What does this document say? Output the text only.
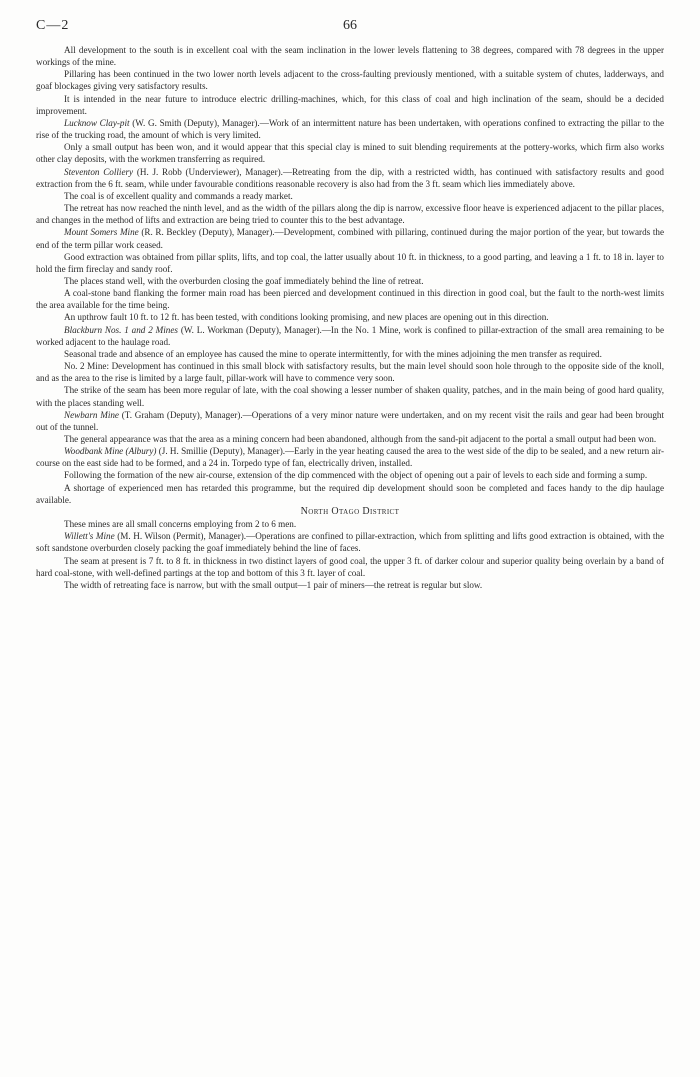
C—2	66

All development to the south is in excellent coal with the seam inclination in the lower levels flattening to 38 degrees, compared with 78 degrees in the upper workings of the mine.

Pillaring has been continued in the two lower north levels adjacent to the cross-faulting previously mentioned, with a suitable system of chutes, ladderways, and goaf blockages giving very satisfactory results.

It is intended in the near future to introduce electric drilling-machines, which, for this class of coal and high inclination of the seam, should be a decided improvement.

Lucknow Clay-pit (W. G. Smith (Deputy), Manager).—Work of an intermittent nature has been undertaken, with operations confined to extracting the pillar to the rise of the trucking road, the amount of which is very limited.

Only a small output has been won, and it would appear that this special clay is mined to suit blending requirements at the pottery-works, which firm also works other clay deposits, with the workmen transferring as required.

Steventon Colliery (H. J. Robb (Underviewer), Manager).—Retreating from the dip, with a restricted width, has continued with satisfactory results and good extraction from the 6 ft. seam, while under favourable conditions reasonable recovery is also had from the 3 ft. seam which lies immediately above.

The coal is of excellent quality and commands a ready market.

The retreat has now reached the ninth level, and as the width of the pillars along the dip is narrow, excessive floor heave is experienced adjacent to the pillar places, and changes in the method of lifts and extraction are being tried to counter this to the best advantage.

Mount Somers Mine (R. R. Beckley (Deputy), Manager).—Development, combined with pillaring, continued during the major portion of the year, but towards the end of the term pillar work ceased.

Good extraction was obtained from pillar splits, lifts, and top coal, the latter usually about 10 ft. in thickness, to a good parting, and leaving a 1 ft. to 18 in. layer to hold the firm fireclay and sandy roof.

The places stand well, with the overburden closing the goaf immediately behind the line of retreat.

A coal-stone band flanking the former main road has been pierced and development continued in this direction in good coal, but the fault to the north-west limits the area available for the time being.

An upthrow fault 10 ft. to 12 ft. has been tested, with conditions looking promising, and new places are opening out in this direction.

Blackburn Nos. 1 and 2 Mines (W. L. Workman (Deputy), Manager).—In the No. 1 Mine, work is confined to pillar-extraction of the small area remaining to be worked adjacent to the haulage road.

Seasonal trade and absence of an employee has caused the mine to operate intermittently, for with the mines adjoining the men transfer as required.

No. 2 Mine: Development has continued in this small block with satisfactory results, but the main level should soon hole through to the opposite side of the knoll, and as the area to the rise is limited by a large fault, pillar-work will have to commence very soon.

The strike of the seam has been more regular of late, with the coal showing a lesser number of shaken quality, patches, and in the main being of good hard quality, with the places standing well.

Newbarn Mine (T. Graham (Deputy), Manager).—Operations of a very minor nature were undertaken, and on my recent visit the rails and gear had been brought out of the tunnel.

The general appearance was that the area as a mining concern had been abandoned, although from the sand-pit adjacent to the portal a small output had been won.

Woodbank Mine (Albury) (J. H. Smillie (Deputy), Manager).—Early in the year heating caused the area to the west side of the dip to be sealed, and a new return air-course on the east side had to be formed, and a 24 in. Torpedo type of fan, electrically driven, installed.

Following the formation of the new air-course, extension of the dip commenced with the object of opening out a pair of levels to each side and forming a sump.

A shortage of experienced men has retarded this programme, but the required dip development should soon be completed and faces handy to the dip haulage available.

North Otago District

These mines are all small concerns employing from 2 to 6 men.

Willett's Mine (M. H. Wilson (Permit), Manager).—Operations are confined to pillar-extraction, which from splitting and lifts good extraction is obtained, with the soft sandstone overburden closely packing the goaf immediately behind the line of faces.

The seam at present is 7 ft. to 8 ft. in thickness in two distinct layers of good coal, the upper 3 ft. of darker colour and superior quality being overlain by a band of hard coal-stone, with well-defined partings at the top and bottom of this 3 ft. layer of coal.

The width of retreating face is narrow, but with the small output—1 pair of miners—the retreat is regular but slow.
